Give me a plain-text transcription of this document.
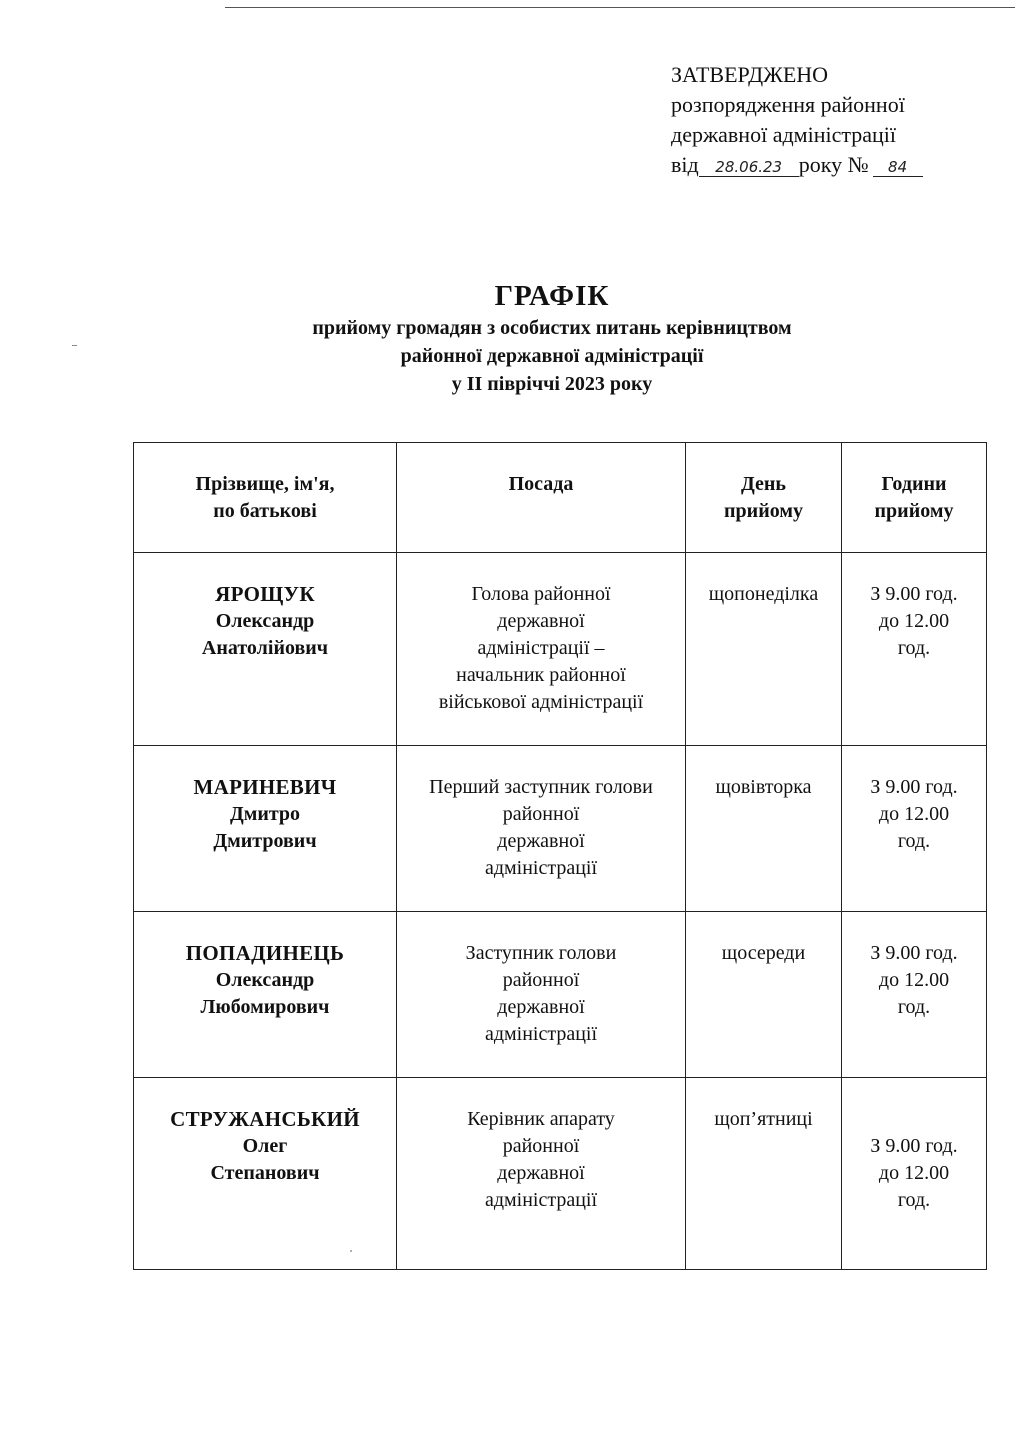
ЗАТВЕРДЖЕНО
розпорядження районної
державної адміністрації
від 28.06.23 року № 84
ГРАФІК
прийому громадян з особистих питань керівництвом
районної державної адміністрації
у ІІ півріччі 2023 року
Прізвище, ім'я,
по батькові	Посада	День
прийому	Години
прийому

ЯРОЩУК
Олександр
Анатолійович	Голова районної
державної
адміністрації –
начальник районної
військової адміністрації	щопонеділка	З 9.00 год.
до 12.00
год.

МАРИНЕВИЧ
Дмитро
Дмитрович	Перший заступник голови
районної
державної
адміністрації	щовівторка	З 9.00 год.
до 12.00
год.

ПОПАДИНЕЦЬ
Олександр
Любомирович	Заступник голови
районної
державної
адміністрації	щосереди	З 9.00 год.
до 12.00
год.

СТРУЖАНСЬКИЙ
Олег
Степанович	Керівник апарату
районної
державної
адміністрації	щоп’ятниці	З 9.00 год.
до 12.00
год.
